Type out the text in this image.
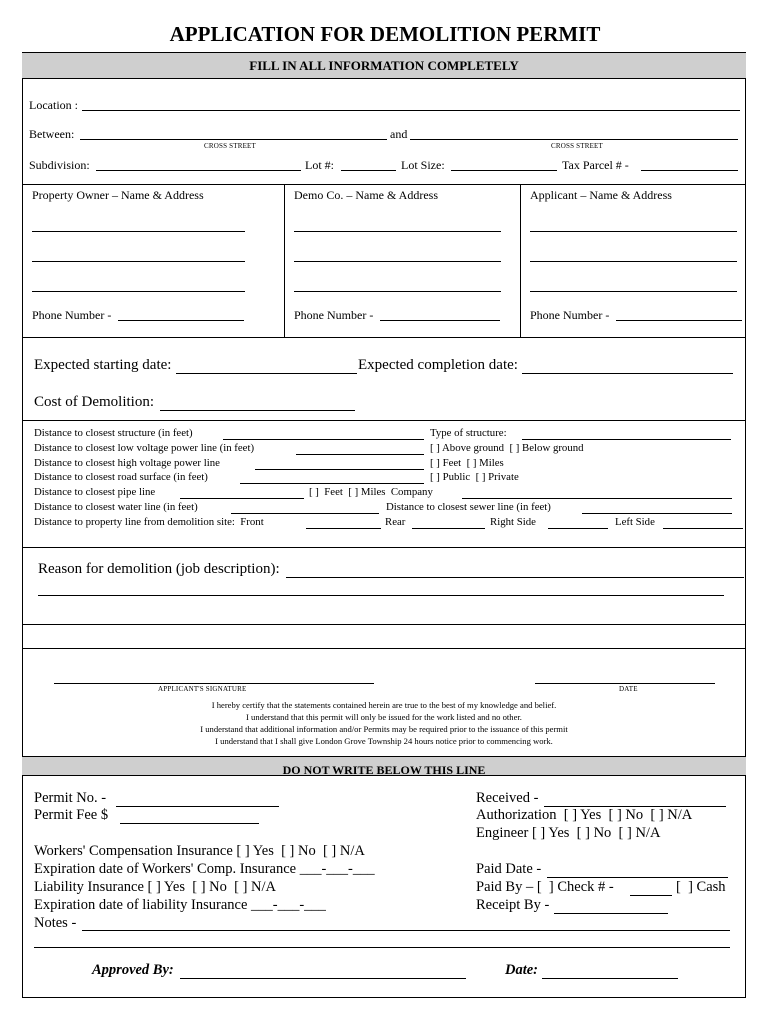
APPLICATION FOR DEMOLITION PERMIT
FILL IN ALL INFORMATION COMPLETELY
Location :
Between:	and
CROSS STREET	CROSS STREET
Subdivision:	Lot #:	Lot Size:	Tax Parcel # -
Property Owner – Name & Address	Demo Co. – Name & Address	Applicant – Name & Address
Phone Number -	Phone Number -	Phone Number -
Expected starting date:	Expected completion date:
Cost of Demolition:
Distance to closest structure (in feet)	Type of structure:
Distance to closest low voltage power line (in feet)	[ ] Above ground  [ ] Below ground
Distance to closest high voltage power line	[ ] Feet  [ ] Miles
Distance to closest road surface (in feet)	[ ] Public  [ ] Private
Distance to closest pipe line	[ ]  Feet  [ ] Miles  Company
Distance to closest water line (in feet)	Distance to closest sewer line (in feet)
Distance to property line from demolition site:  Front	Rear	Right Side	Left Side
Reason for demolition (job description):
APPLICANT'S SIGNATURE	DATE
I hereby certify that the statements contained herein are true to the best of my knowledge and belief.
I understand that this permit will only be issued for the work listed and no other.
I understand that additional information and/or Permits may be required prior to the issuance of this permit
I understand that I shall give London Grove Township 24 hours notice prior to commencing work.
DO NOT WRITE BELOW THIS LINE
Permit No. -
Permit Fee $
Workers' Compensation Insurance [ ] Yes  [ ] No  [ ] N/A
Expiration date of Workers' Comp. Insurance ___-___-___
Liability Insurance [ ] Yes  [ ] No  [ ] N/A
Expiration date of liability Insurance ___-___-___
Notes -
Received -
Authorization  [ ] Yes  [ ] No  [ ] N/A
Engineer [ ] Yes  [ ] No  [ ] N/A
Paid Date -
Paid By – [  ] Check # -	[  ] Cash
Receipt By -
Approved By:	Date:
